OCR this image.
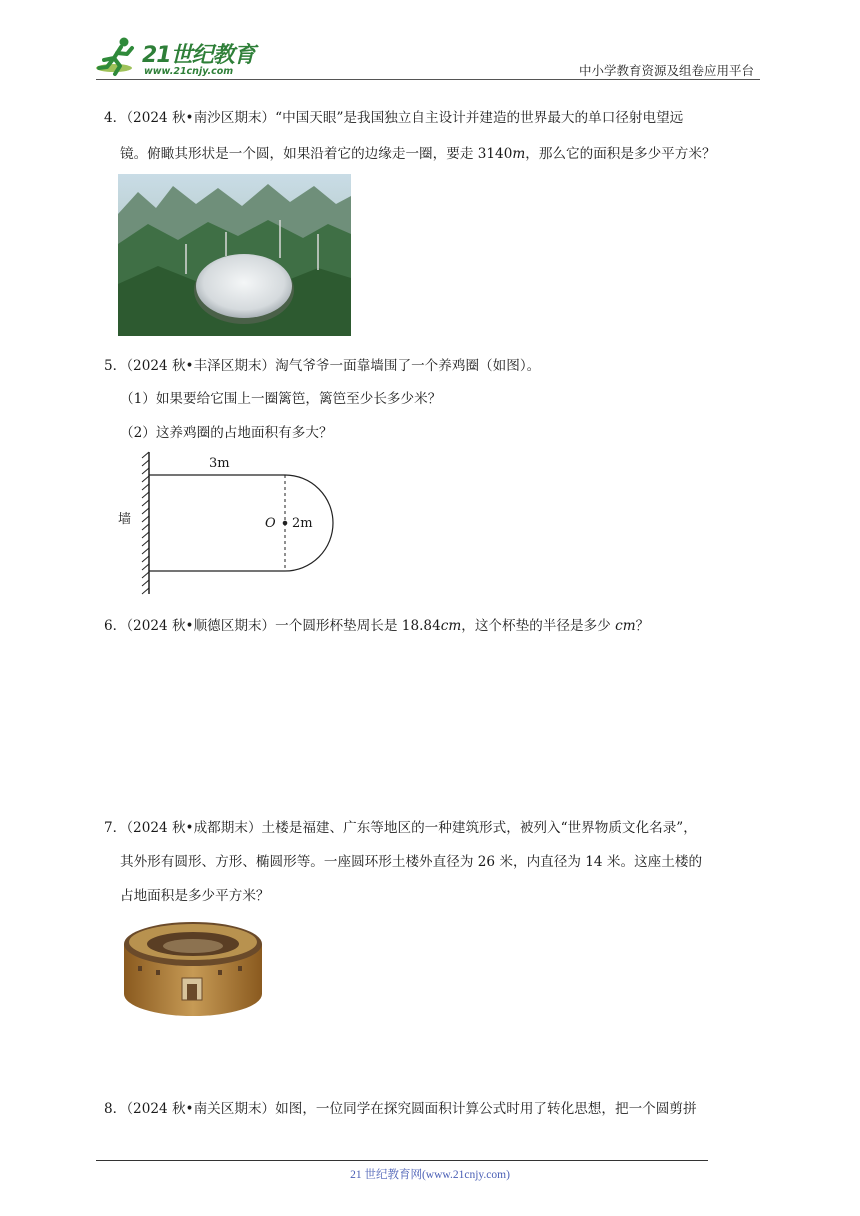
21世纪教育
www.21cnjy.com	中小学教育资源及组卷应用平台
4．（2024 秋•南沙区期末）“中国天眼”是我国独立自主设计并建造的世界最大的单口径射电望远
镜。俯瞰其形状是一个圆，如果沿着它的边缘走一圈，要走 3140m，那么它的面积是多少平方米？
5．（2024 秋•丰泽区期末）淘气爷爷一面靠墙围了一个养鸡圈（如图）。
（1）如果要给它围上一圈篱笆，篱笆至少长多少米？
（2）这养鸡圈的占地面积有多大？
3m
墙	O 2m
6．（2024 秋•顺德区期末）一个圆形杯垫周长是 18.84cm，这个杯垫的半径是多少 cm？
7．（2024 秋•成都期末）土楼是福建、广东等地区的一种建筑形式，被列入“世界物质文化名录”，
其外形有圆形、方形、椭圆形等。一座圆环形土楼外直径为 26 米，内直径为 14 米。这座土楼的
占地面积是多少平方米？
8．（2024 秋•南关区期末）如图，一位同学在探究圆面积计算公式时用了转化思想，把一个圆剪拼
21 世纪教育网(www.21cnjy.com)
